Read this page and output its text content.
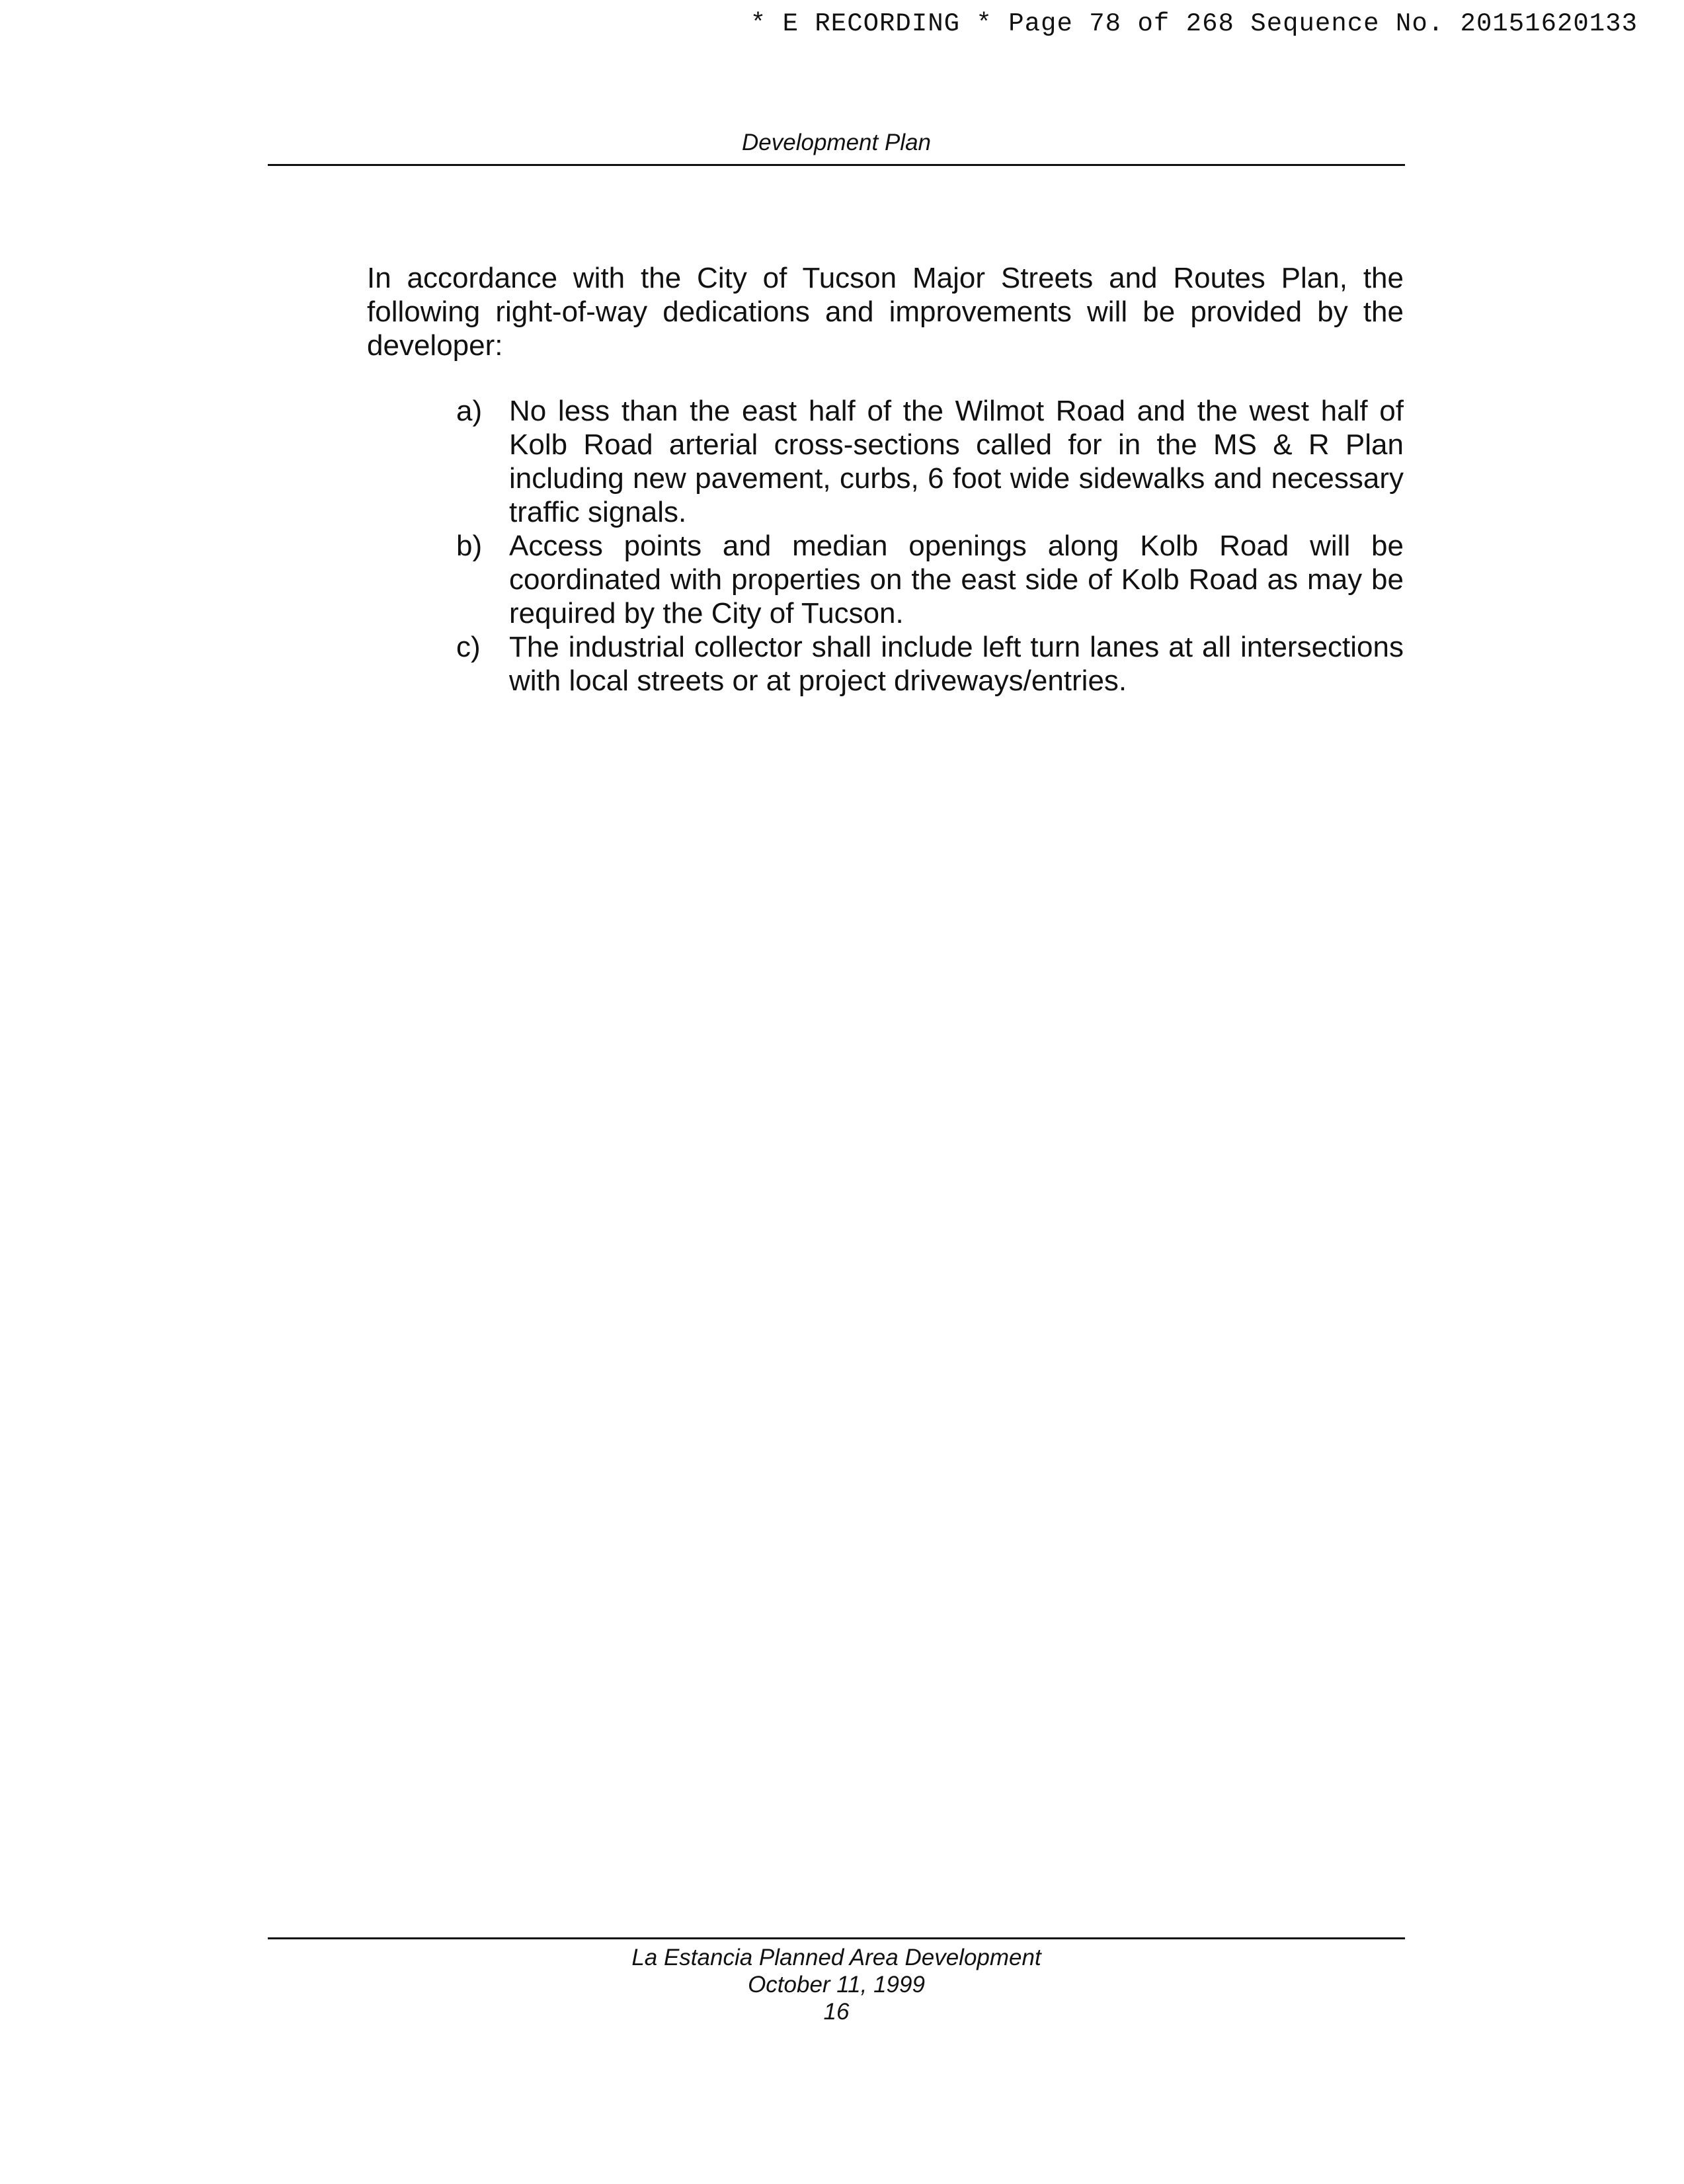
* E RECORDING * Page 78 of 268 Sequence No. 20151620133
Development Plan

In accordance with the City of Tucson Major Streets and Routes Plan, the following right-of-way dedications and improvements will be provided by the developer:

a) No less than the east half of the Wilmot Road and the west half of Kolb Road arterial cross-sections called for in the MS & R Plan including new pavement, curbs, 6 foot wide sidewalks and necessary traffic signals.
b) Access points and median openings along Kolb Road will be coordinated with properties on the east side of Kolb Road as may be required by the City of Tucson.
c) The industrial collector shall include left turn lanes at all intersections with local streets or at project driveways/entries.
La Estancia Planned Area Development
October 11, 1999
16
